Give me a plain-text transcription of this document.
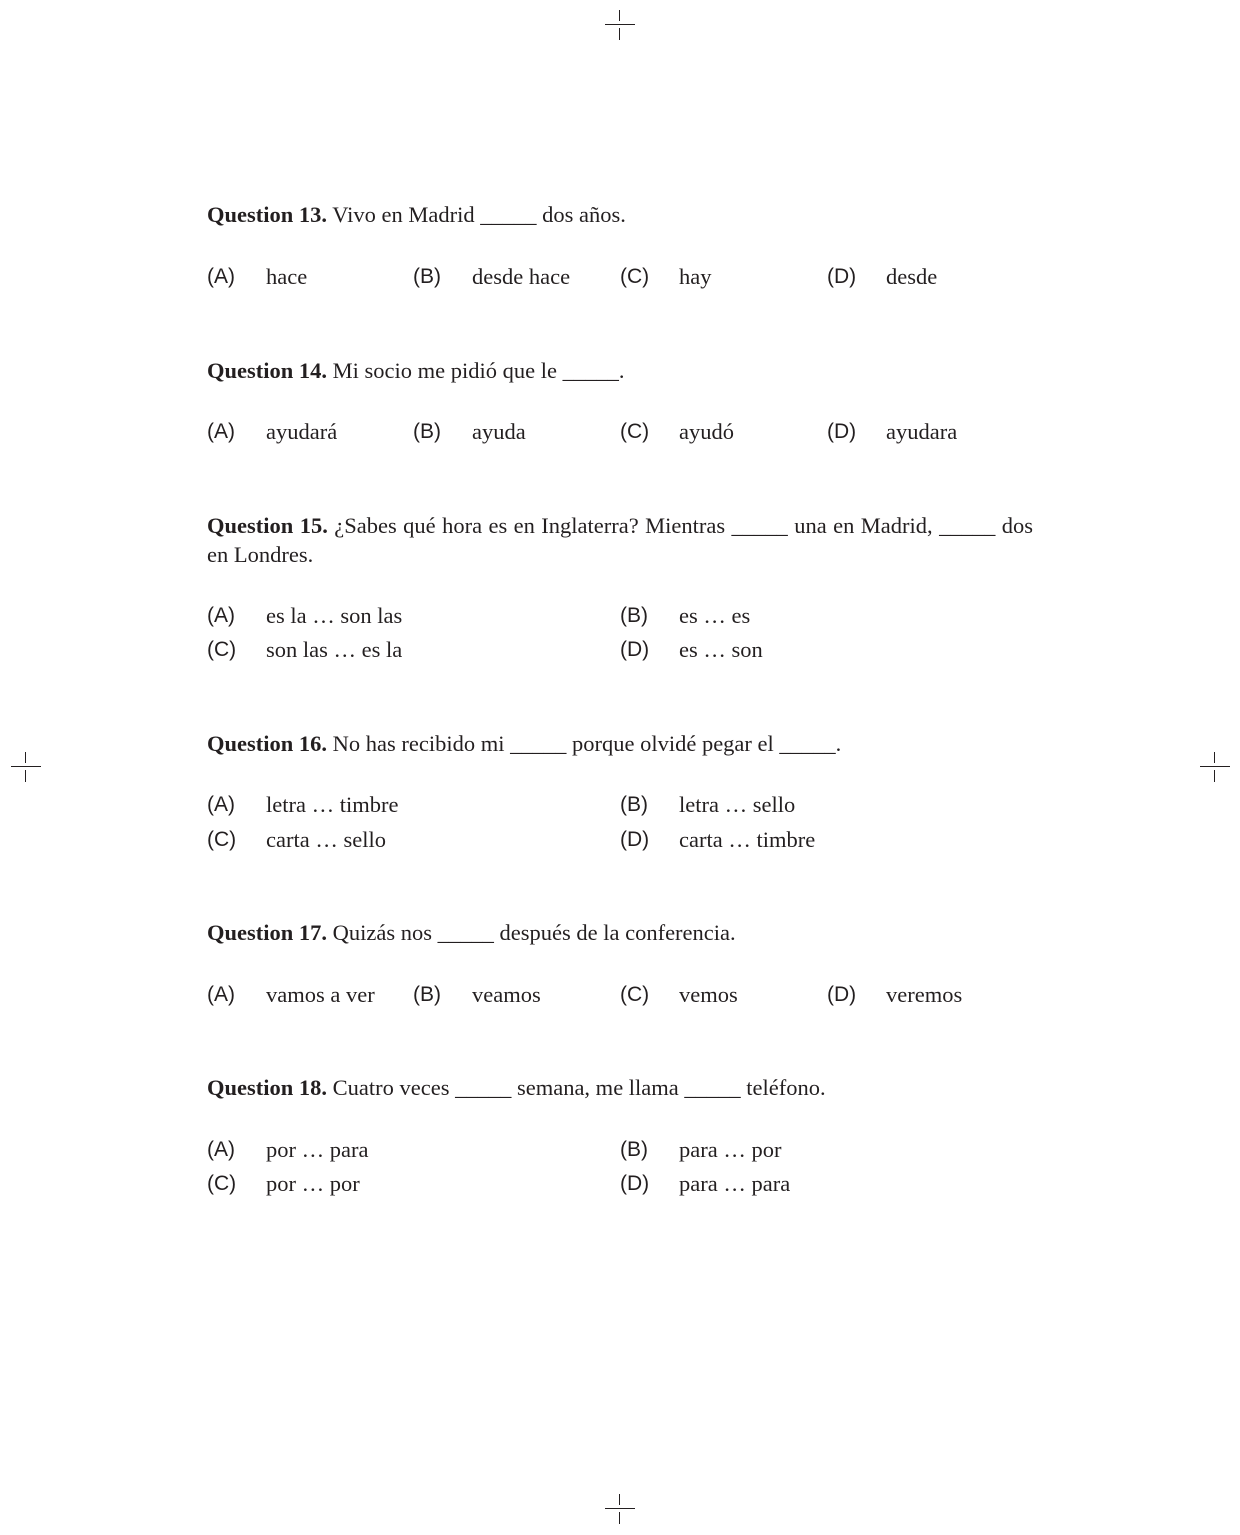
Question 13. Vivo en Madrid _____ dos años.
(A) hace	(B) desde hace (C) hay	(D) desde
Question 14. Mi socio me pidió que le _____.
(A) ayudará	(B) ayuda	(C) ayudó	(D) ayudara
Question 15. ¿Sabes qué hora es en Inglaterra? Mientras _____ una en Madrid, _____ dos en Londres.
(A) es la … son las	(B) es … es
(C) son las … es la	(D) es … son
Question 16. No has recibido mi _____ porque olvidé pegar el _____.
(A) letra … timbre	(B) letra … sello
(C) carta … sello	(D) carta … timbre
Question 17. Quizás nos _____ después de la conferencia.
(A) vamos a ver (B) veamos	(C) vemos	(D) veremos
Question 18. Cuatro veces _____ semana, me llama _____ teléfono.
(A) por … para	(B) para … por
(C) por … por	(D) para … para
